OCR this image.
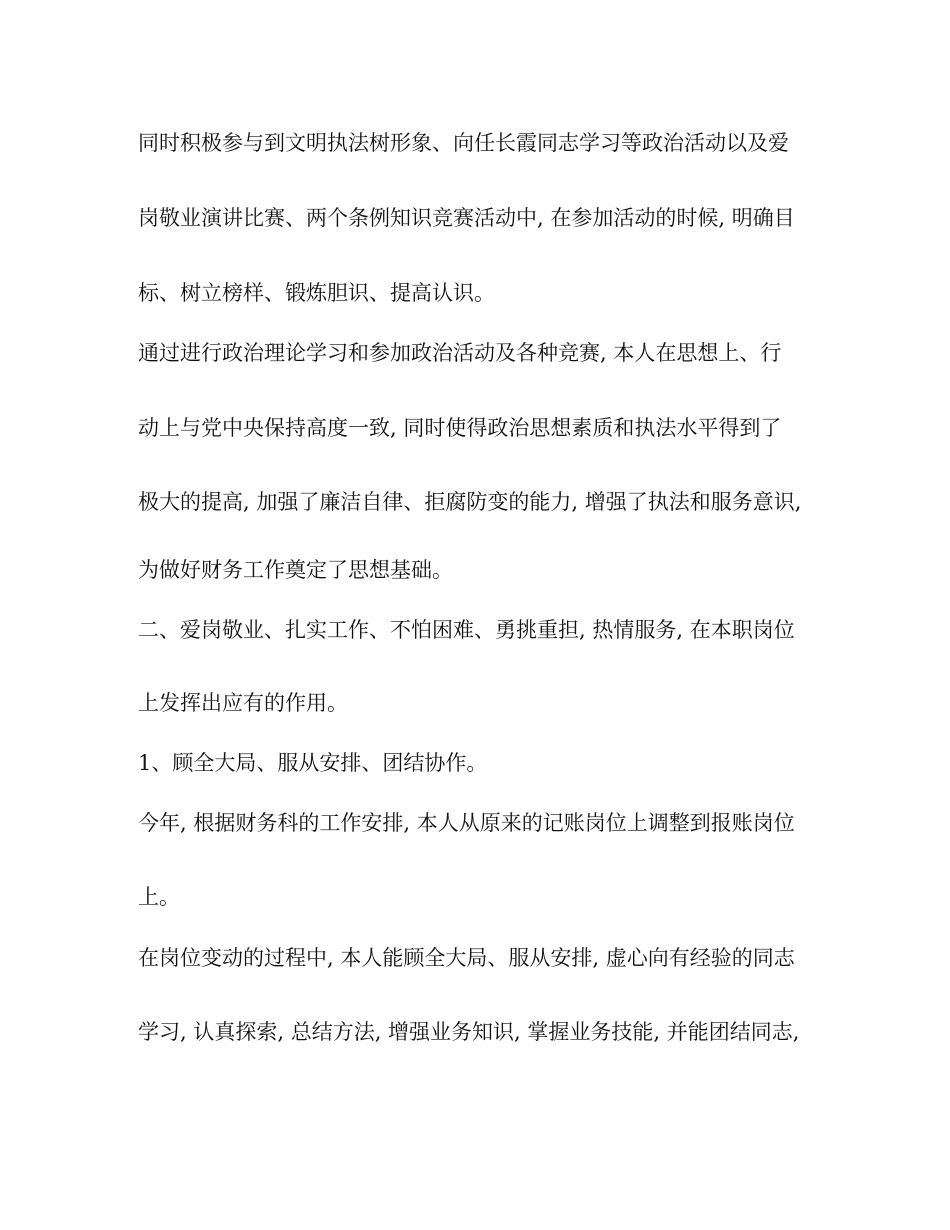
同时积极参与到文明执法树形象、向任长霞同志学习等政治活动以及爱
岗敬业演讲比赛、两个条例知识竞赛活动中, 在参加活动的时候, 明确目
标、树立榜样、锻炼胆识、提高认识。
通过进行政治理论学习和参加政治活动及各种竞赛, 本人在思想上、行
动上与党中央保持高度一致, 同时使得政治思想素质和执法水平得到了
极大的提高, 加强了廉洁自律、拒腐防变的能力, 增强了执法和服务意识,
为做好财务工作奠定了思想基础。
二、爱岗敬业、扎实工作、不怕困难、勇挑重担, 热情服务, 在本职岗位
上发挥出应有的作用。
1、顾全大局、服从安排、团结协作。
今年, 根据财务科的工作安排, 本人从原来的记账岗位上调整到报账岗位
上。
在岗位变动的过程中, 本人能顾全大局、服从安排, 虚心向有经验的同志
学习, 认真探索, 总结方法, 增强业务知识, 掌握业务技能, 并能团结同志,
